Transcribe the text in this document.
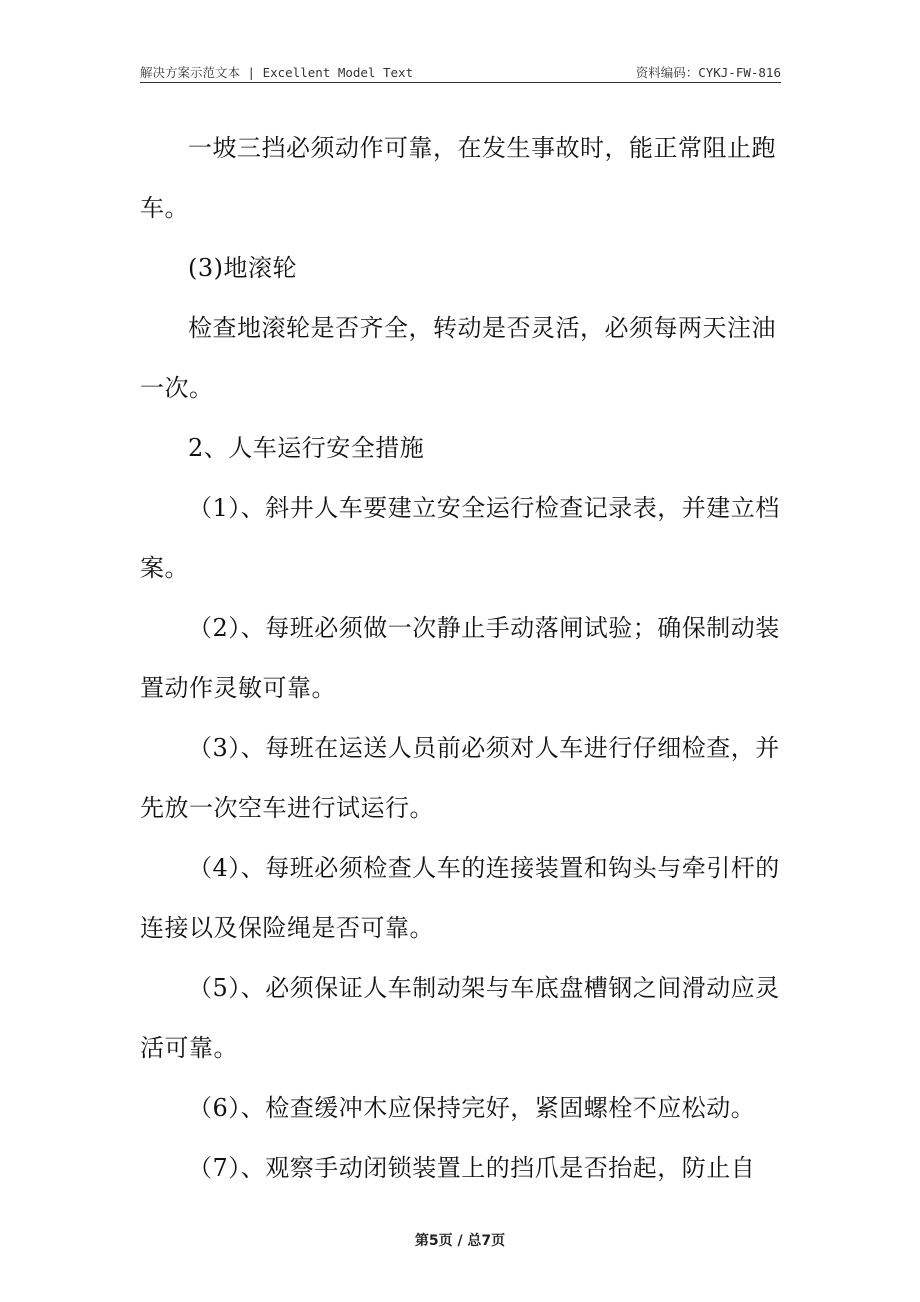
解决方案示范文本 | Excellent Model Text	资料编码：CYKJ-FW-816

一坡三挡必须动作可靠，在发生事故时，能正常阻止跑车。

(3)地滚轮

检查地滚轮是否齐全，转动是否灵活，必须每两天注油一次。

2、人车运行安全措施

（1）、斜井人车要建立安全运行检查记录表，并建立档案。

（2）、每班必须做一次静止手动落闸试验；确保制动装置动作灵敏可靠。

（3）、每班在运送人员前必须对人车进行仔细检查，并先放一次空车进行试运行。

（4）、每班必须检查人车的连接装置和钩头与牵引杆的连接以及保险绳是否可靠。

（5）、必须保证人车制动架与车底盘槽钢之间滑动应灵活可靠。

（6）、检查缓冲木应保持完好，紧固螺栓不应松动。

（7）、观察手动闭锁装置上的挡爪是否抬起，防止自

第5页 / 总7页
